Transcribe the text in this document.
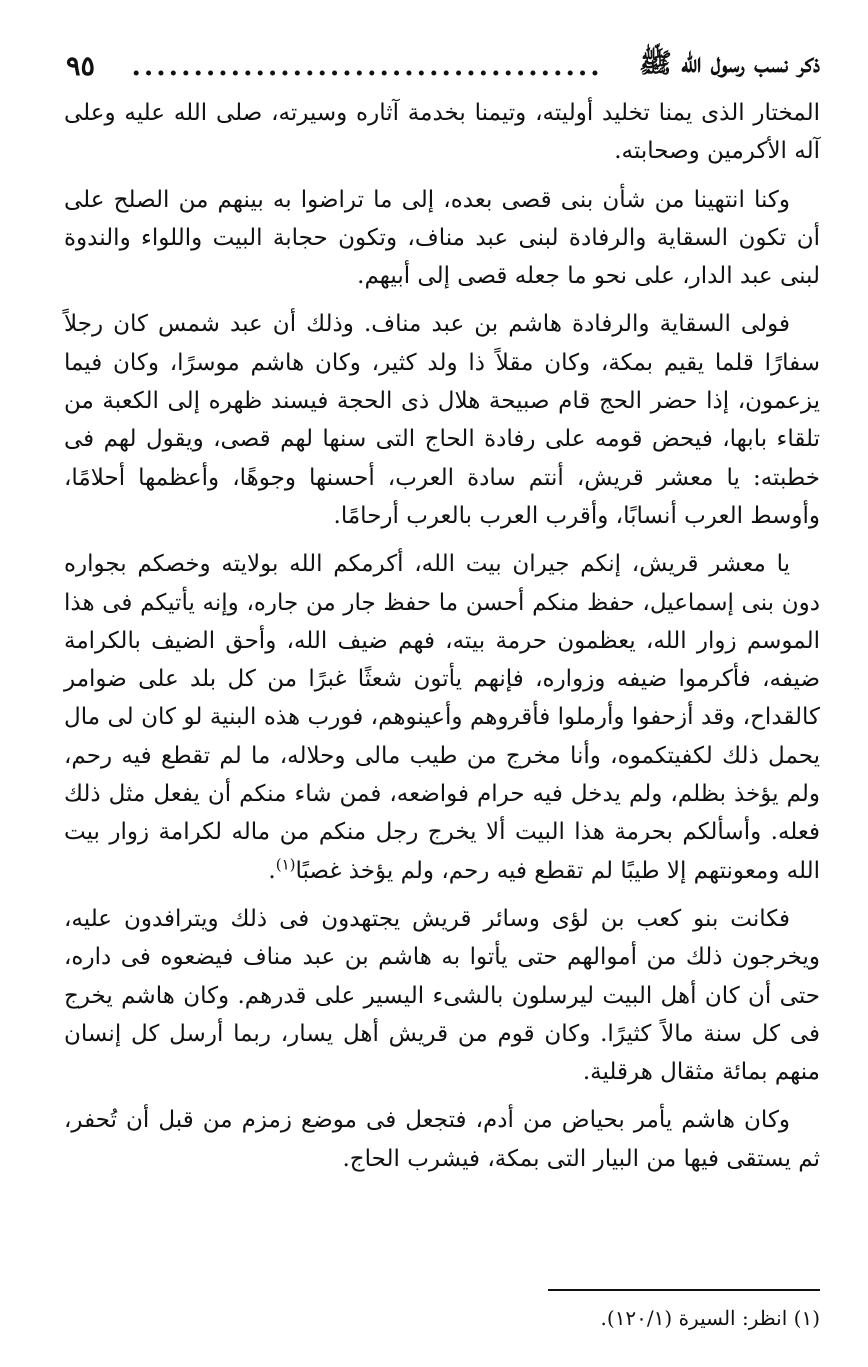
ذكر نسب رسول الله ﷺ
......................................
٩٥

المختار الذى يمنا تخليد أوليته، وتيمنا بخدمة آثاره وسيرته، صلى الله عليه وعلى آله الأكرمين وصحابته.

وكنا انتهينا من شأن بنى قصى بعده، إلى ما تراضوا به بينهم من الصلح على أن تكون السقاية والرفادة لبنى عبد مناف، وتكون حجابة البيت واللواء والندوة لبنى عبد الدار، على نحو ما جعله قصى إلى أبيهم.

فولى السقاية والرفادة هاشم بن عبد مناف. وذلك أن عبد شمس كان رجلاً سفارًا قلما يقيم بمكة، وكان مقلاً ذا ولد كثير، وكان هاشم موسرًا، وكان فيما يزعمون، إذا حضر الحج قام صبيحة هلال ذى الحجة فيسند ظهره إلى الكعبة من تلقاء بابها، فيحض قومه على رفادة الحاج التى سنها لهم قصى، ويقول لهم فى خطبته: يا معشر قريش، أنتم سادة العرب، أحسنها وجوهًا، وأعظمها أحلامًا، وأوسط العرب أنسابًا، وأقرب العرب بالعرب أرحامًا.

يا معشر قريش، إنكم جيران بيت الله، أكرمكم الله بولايته وخصكم بجواره دون بنى إسماعيل، حفظ منكم أحسن ما حفظ جار من جاره، وإنه يأتيكم فى هذا الموسم زوار الله، يعظمون حرمة بيته، فهم ضيف الله، وأحق الضيف بالكرامة ضيفه، فأكرموا ضيفه وزواره، فإنهم يأتون شعثًا غبرًا من كل بلد على ضوامر كالقداح، وقد أزحفوا وأرملوا فأقروهم وأعينوهم، فورب هذه البنية لو كان لى مال يحمل ذلك لكفيتكموه، وأنا مخرج من طيب مالى وحلاله، ما لم تقطع فيه رحم، ولم يؤخذ بظلم، ولم يدخل فيه حرام فواضعه، فمن شاء منكم أن يفعل مثل ذلك فعله. وأسألكم بحرمة هذا البيت ألا يخرج رجل منكم من ماله لكرامة زوار بيت الله ومعونتهم إلا طيبًا لم تقطع فيه رحم، ولم يؤخذ غصبًا$^{(١)}$.

فكانت بنو كعب بن لؤى وسائر قريش يجتهدون فى ذلك ويترافدون عليه، ويخرجون ذلك من أموالهم حتى يأتوا به هاشم بن عبد مناف فيضعوه فى داره، حتى أن كان أهل البيت ليرسلون بالشىء اليسير على قدرهم. وكان هاشم يخرج فى كل سنة مالاً كثيرًا. وكان قوم من قريش أهل يسار، ربما أرسل كل إنسان منهم بمائة مثقال هرقلية.

وكان هاشم يأمر بحياض من أدم، فتجعل فى موضع زمزم من قبل أن تُحفر، ثم يستقى فيها من البيار التى بمكة، فيشرب الحاج.

(١) انظر: السيرة (١٢٠/١).
